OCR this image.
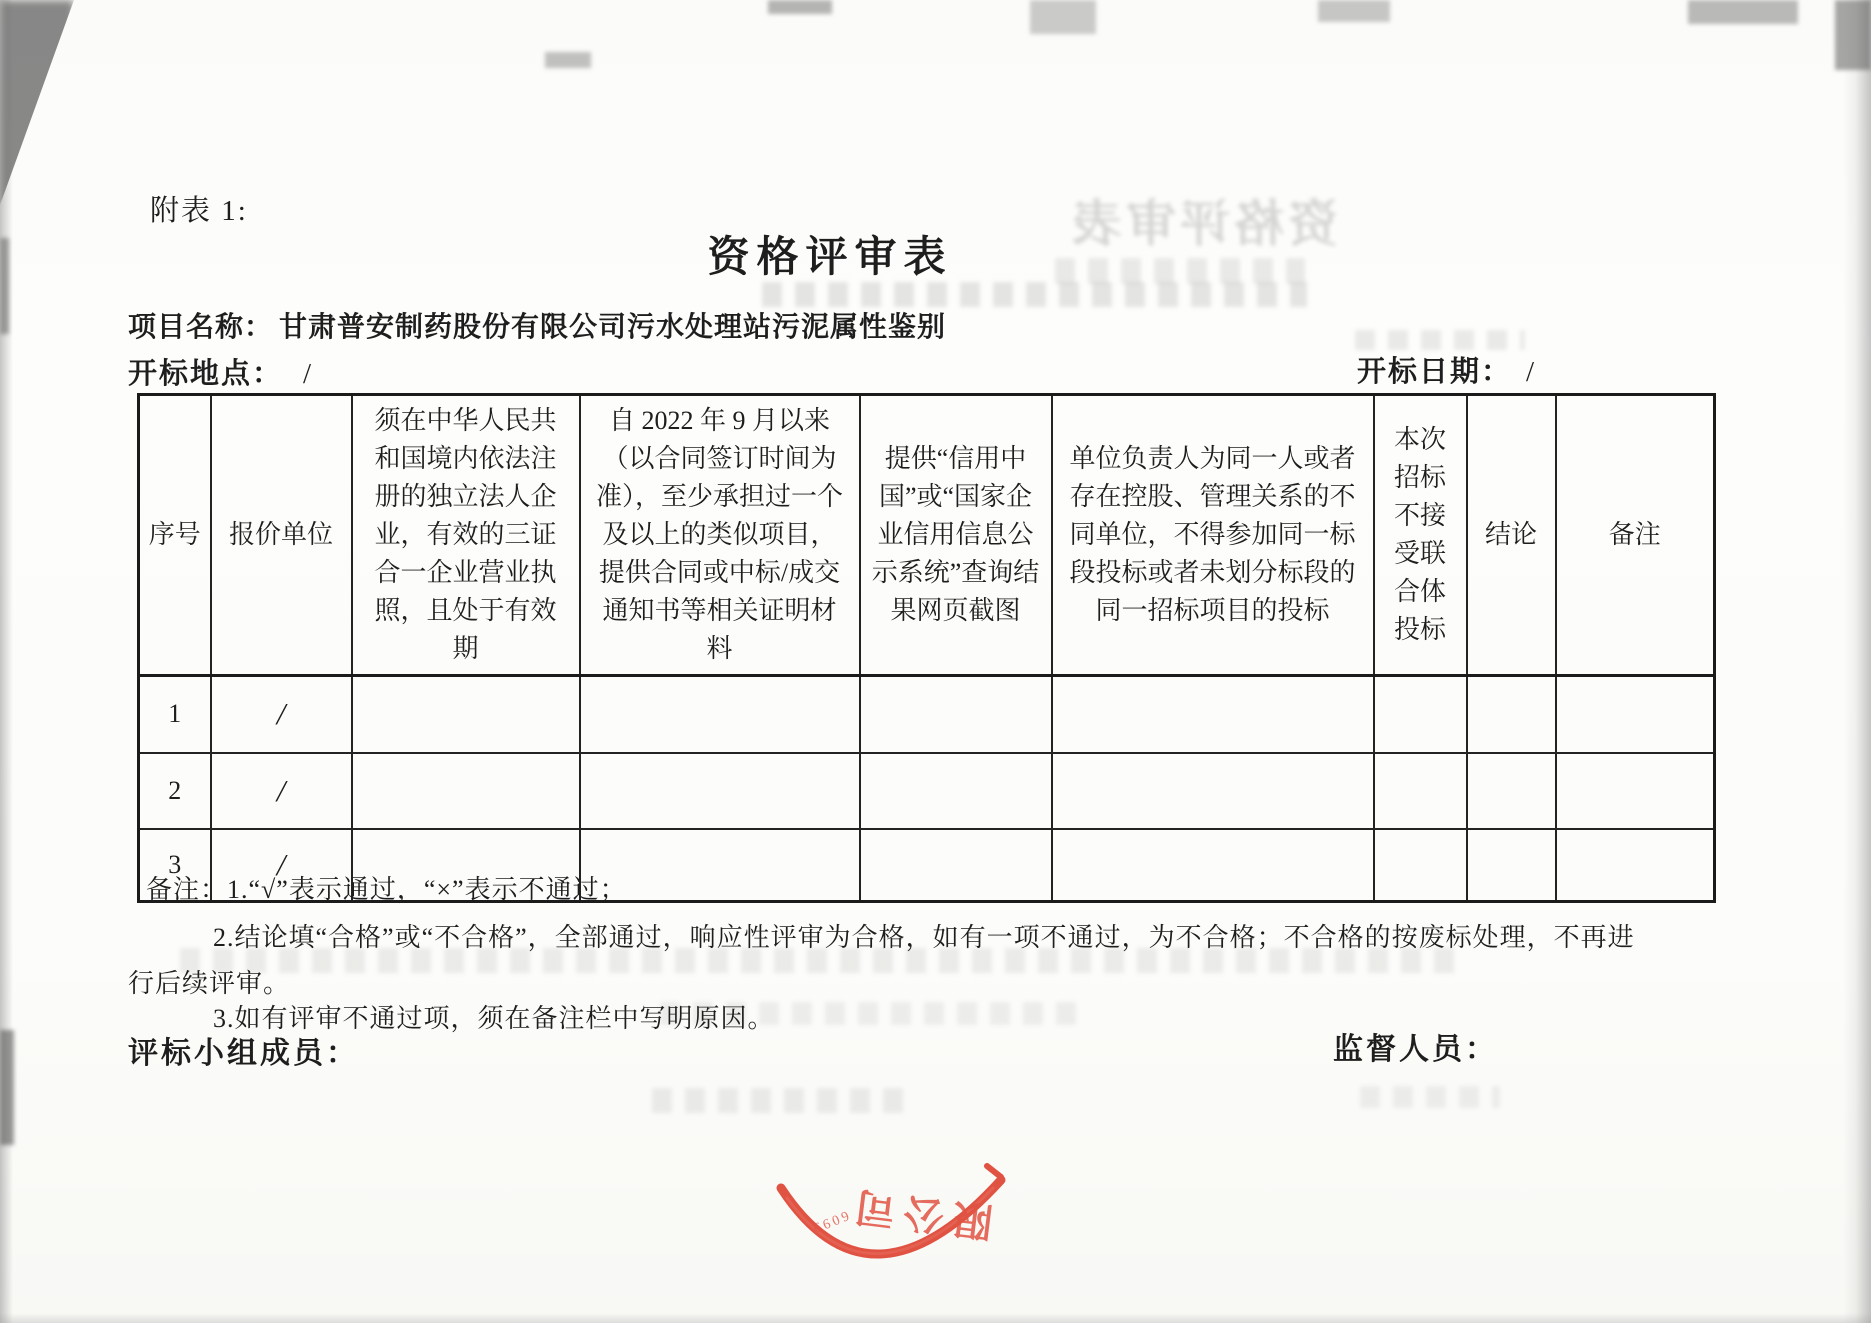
资格评审表
附表 1:
资格评审表
项目名称： 甘肃普安制药股份有限公司污水处理站污泥属性鉴别
开标地点： /	开标日期： /
序号	报价单位	须在中华人民共和国境内依法注册的独立法人企业，有效的三证合一企业营业执照，且处于有效期	自 2022 年 9 月以来（以合同签订时间为准），至少承担过一个及以上的类似项目，提供合同或中标/成交通知书等相关证明材料	提供“信用中国”或“国家企业信用信息公示系统”查询结果网页截图	单位负责人为同一人或者存在控股、管理关系的不同单位，不得参加同一标段投标或者未划分标段的同一招标项目的投标	本次招标不接受联合体投标	结论	备注
1	/							
2	/							
3	/							
备注：1.“√”表示通过，“×”表示不通过；
2.结论填“合格”或“不合格”，全部通过，响应性评审为合格，如有一项不通过，为不合格；不合格的按废标处理，不再进
行后续评审。
3.如有评审不通过项，须在备注栏中写明原因。
评标小组成员：	监督人员：
限公司
6099
